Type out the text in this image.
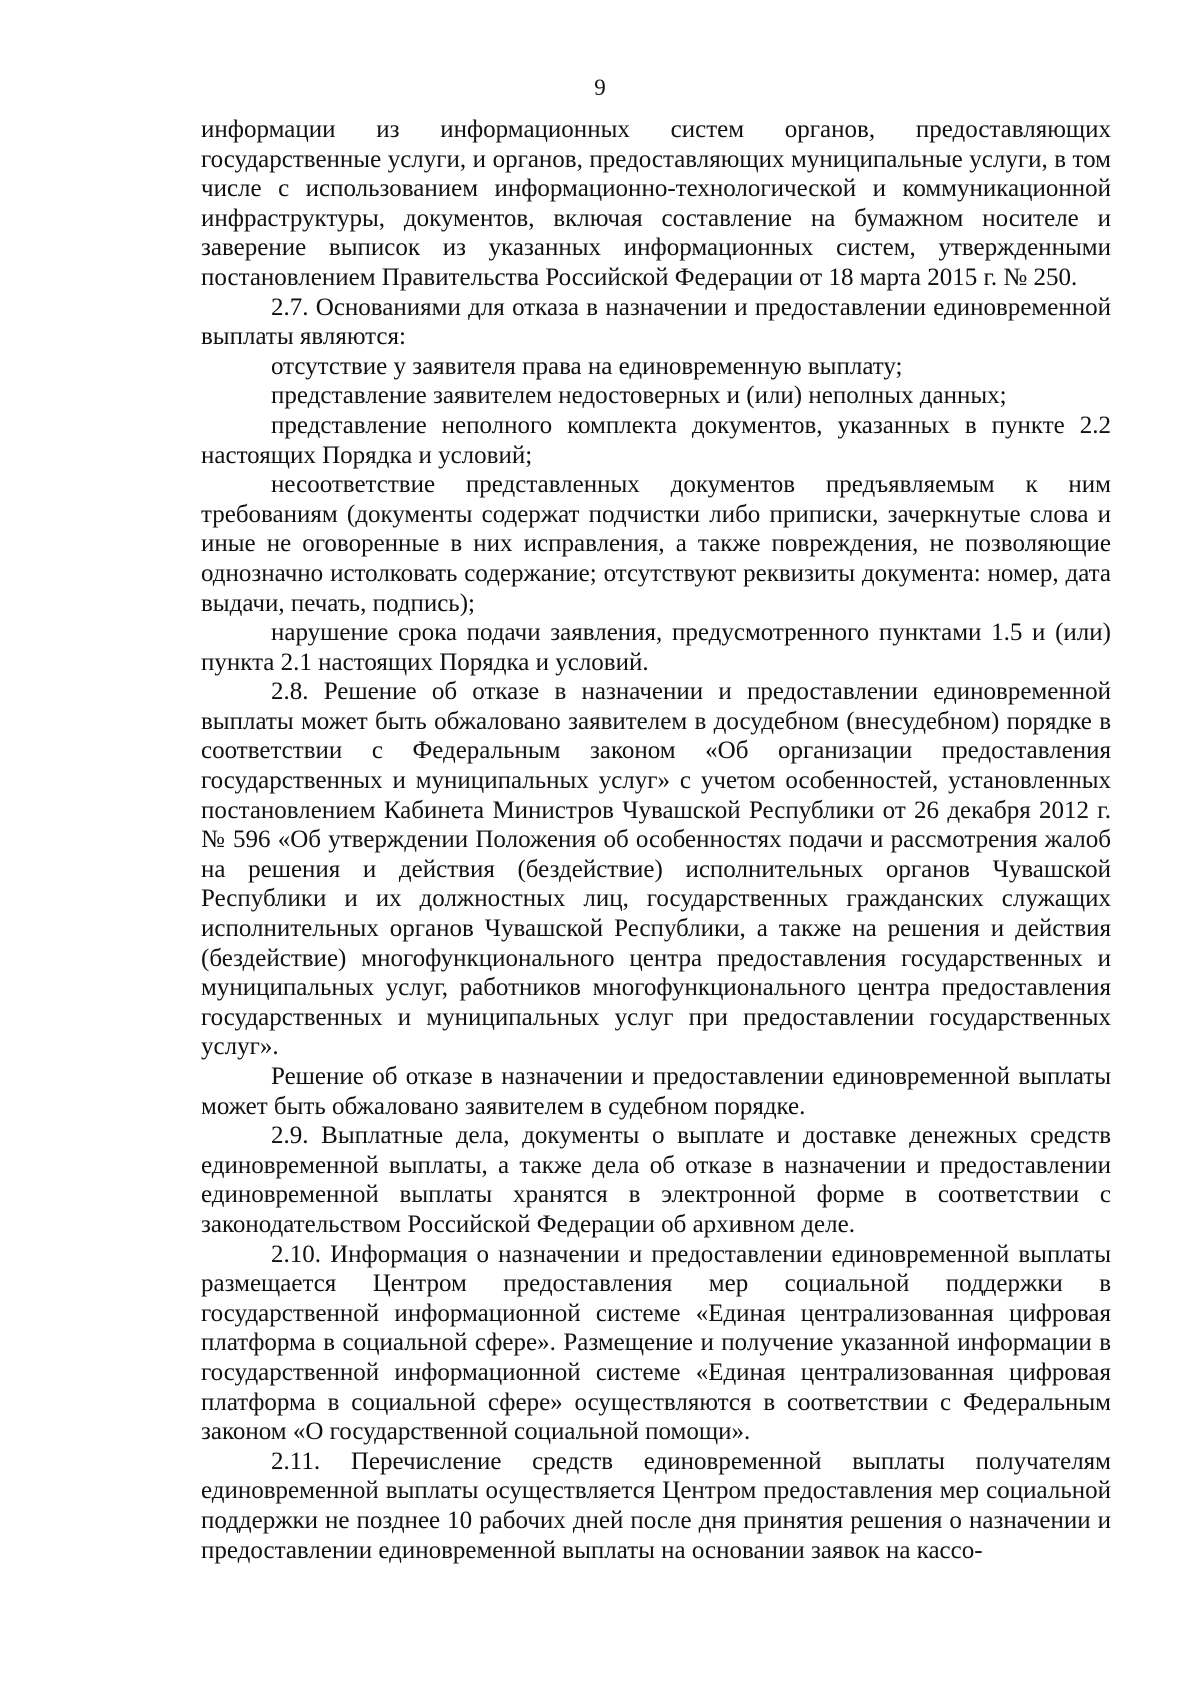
9

информации из информационных систем органов, предоставляющих государственные услуги, и органов, предоставляющих муниципальные услуги, в том числе с использованием информационно-технологической и коммуникационной инфраструктуры, документов, включая составление на бумажном носителе и заверение выписок из указанных информационных систем, утвержденными постановлением Правительства Российской Федерации от 18 марта 2015 г. № 250.

2.7. Основаниями для отказа в назначении и предоставлении единовременной выплаты являются:

отсутствие у заявителя права на единовременную выплату;

представление заявителем недостоверных и (или) неполных данных;

представление неполного комплекта документов, указанных в пункте 2.2 настоящих Порядка и условий;

несоответствие представленных документов предъявляемым к ним требованиям (документы содержат подчистки либо приписки, зачеркнутые слова и иные не оговоренные в них исправления, а также повреждения, не позволяющие однозначно истолковать содержание; отсутствуют реквизиты документа: номер, дата выдачи, печать, подпись);

нарушение срока подачи заявления, предусмотренного пунктами 1.5 и (или) пункта 2.1 настоящих Порядка и условий.

2.8. Решение об отказе в назначении и предоставлении единовременной выплаты может быть обжаловано заявителем в досудебном (внесудебном) порядке в соответствии с Федеральным законом «Об организации предоставления государственных и муниципальных услуг» с учетом особенностей, установленных постановлением Кабинета Министров Чувашской Республики от 26 декабря 2012 г. № 596 «Об утверждении Положения об особенностях подачи и рассмотрения жалоб на решения и действия (бездействие) исполнительных органов Чувашской Республики и их должностных лиц, государственных гражданских служащих исполнительных органов Чувашской Республики, а также на решения и действия (бездействие) многофункционального центра предоставления государственных и муниципальных услуг, работников многофункционального центра предоставления государственных и муниципальных услуг при предоставлении государственных услуг».

Решение об отказе в назначении и предоставлении единовременной выплаты может быть обжаловано заявителем в судебном порядке.

2.9. Выплатные дела, документы о выплате и доставке денежных средств единовременной выплаты, а также дела об отказе в назначении и предоставлении единовременной выплаты хранятся в электронной форме в соответствии с законодательством Российской Федерации об архивном деле.

2.10. Информация о назначении и предоставлении единовременной выплаты размещается Центром предоставления мер социальной поддержки в государственной информационной системе «Единая централизованная цифровая платформа в социальной сфере». Размещение и получение указанной информации в государственной информационной системе «Единая централизованная цифровая платформа в социальной сфере» осуществляются в соответствии с Федеральным законом «О государственной социальной помощи».

2.11. Перечисление средств единовременной выплаты получателям единовременной выплаты осуществляется Центром предоставления мер социальной поддержки не позднее 10 рабочих дней после дня принятия решения о назначении и предоставлении единовременной выплаты на основании заявок на кассо-
